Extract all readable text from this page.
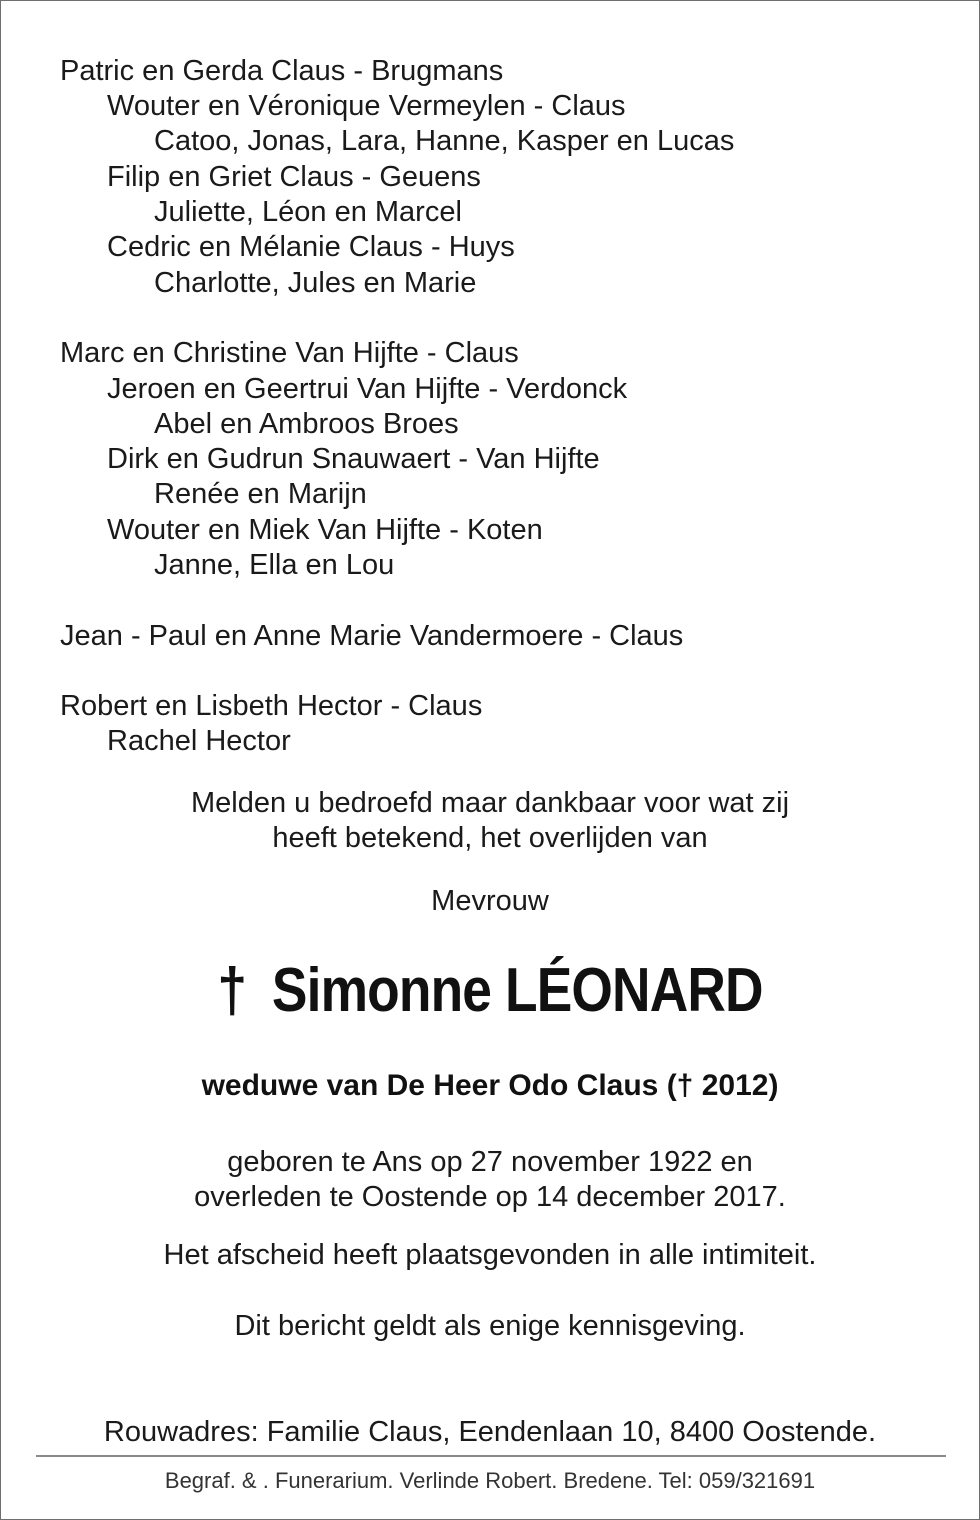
Patric en Gerda Claus - Brugmans
Wouter en Véronique Vermeylen - Claus
Catoo, Jonas, Lara, Hanne, Kasper en Lucas
Filip en Griet Claus - Geuens
Juliette, Léon en Marcel
Cedric en Mélanie Claus - Huys
Charlotte, Jules en Marie
Marc en Christine Van Hijfte - Claus
Jeroen en Geertrui Van Hijfte - Verdonck
Abel en Ambroos Broes
Dirk en Gudrun Snauwaert - Van Hijfte
Renée en Marijn
Wouter en Miek Van Hijfte - Koten
Janne, Ella en Lou
Jean - Paul en Anne Marie Vandermoere - Claus
Robert en Lisbeth Hector - Claus
Rachel Hector
Melden u bedroefd maar dankbaar voor wat zij
heeft betekend, het overlijden van
Mevrouw
† Simonne LÉONARD
weduwe van De Heer Odo Claus († 2012)
geboren te Ans op 27 november 1922 en
overleden te Oostende op 14 december 2017.
Het afscheid heeft plaatsgevonden in alle intimiteit.
Dit bericht geldt als enige kennisgeving.
Rouwadres: Familie Claus, Eendenlaan 10, 8400 Oostende.
Begraf. & . Funerarium. Verlinde Robert. Bredene. Tel: 059/321691
